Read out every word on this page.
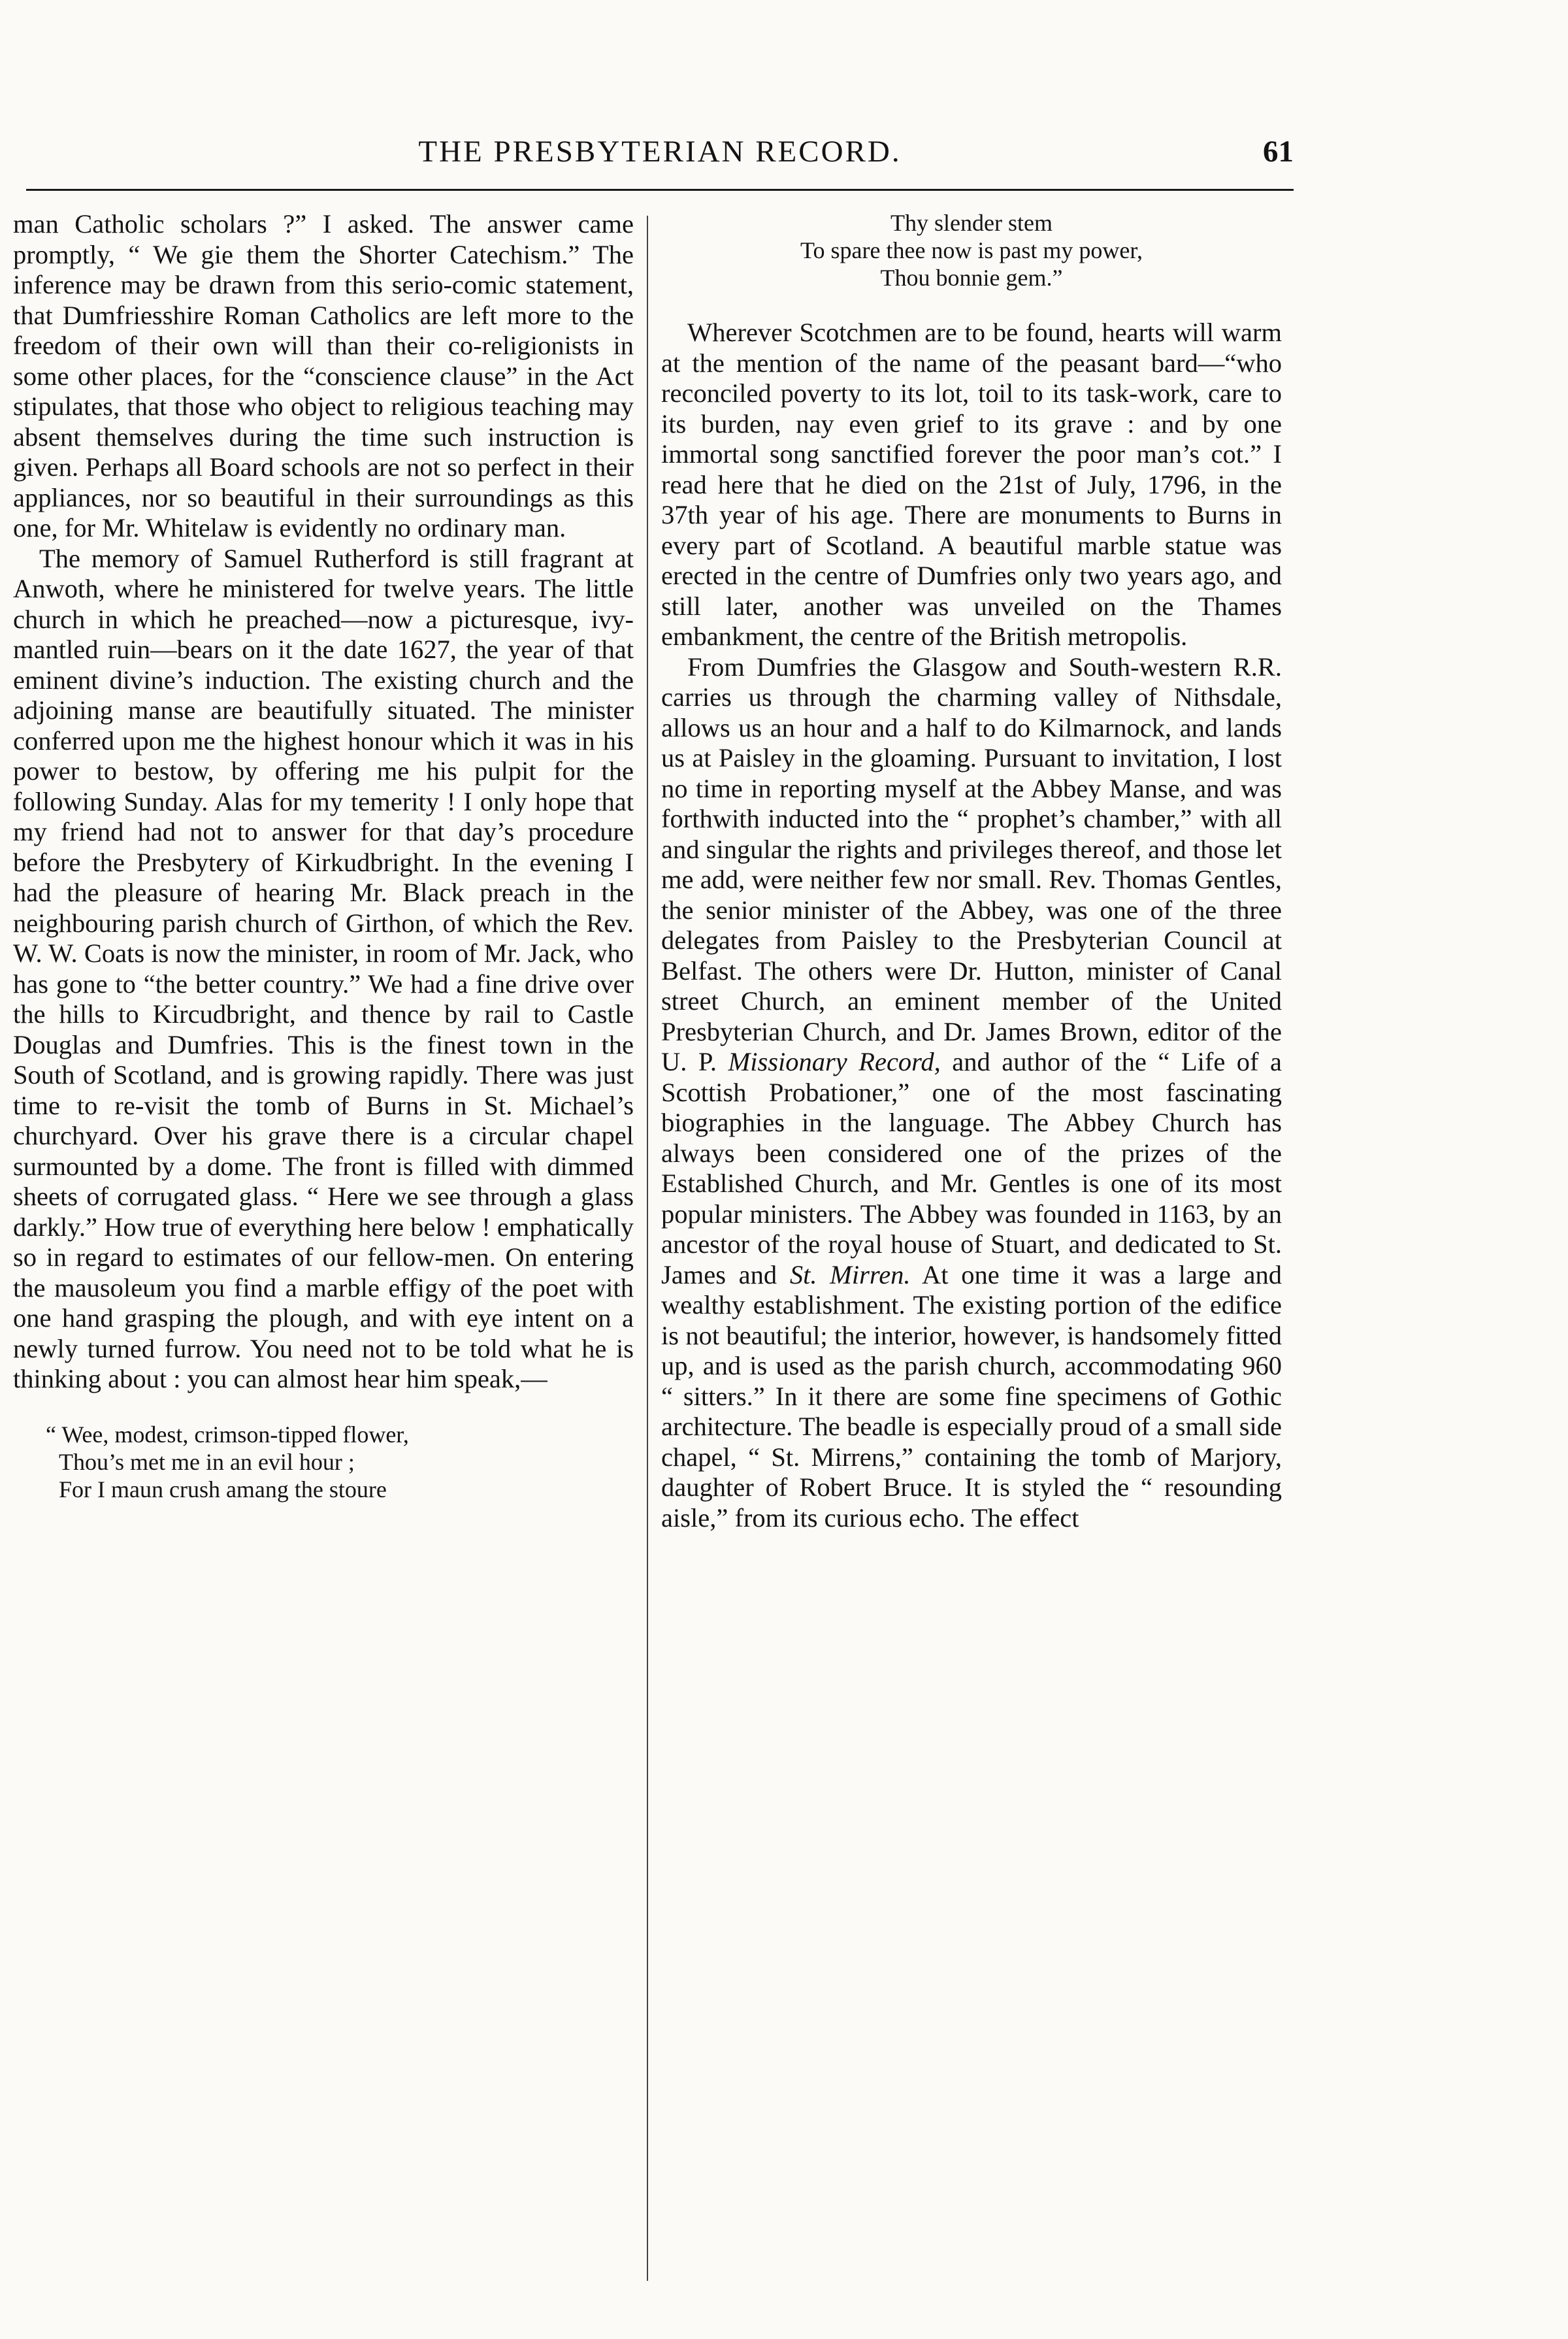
THE PRESBYTERIAN RECORD.	61

man Catholic scholars ?” I asked. The answer came promptly, “ We gie them the Shorter Catechism.” The inference may be drawn from this serio-comic statement, that Dumfriesshire Roman Catholics are left more to the freedom of their own will than their co-religionists in some other places, for the “conscience clause” in the Act stipulates, that those who object to religious teaching may absent themselves during the time such instruction is given. Perhaps all Board schools are not so perfect in their appliances, nor so beautiful in their surroundings as this one, for Mr. Whitelaw is evidently no ordinary man.

The memory of Samuel Rutherford is still fragrant at Anwoth, where he ministered for twelve years. The little church in which he preached—now a picturesque, ivy-mantled ruin—bears on it the date 1627, the year of that eminent divine’s induction. The existing church and the adjoining manse are beautifully situated. The minister conferred upon me the highest honour which it was in his power to bestow, by offering me his pulpit for the following Sunday. Alas for my temerity ! I only hope that my friend had not to answer for that day’s procedure before the Presbytery of Kirkudbright. In the evening I had the pleasure of hearing Mr. Black preach in the neighbouring parish church of Girthon, of which the Rev. W. W. Coats is now the minister, in room of Mr. Jack, who has gone to “the better country.” We had a fine drive over the hills to Kircudbright, and thence by rail to Castle Douglas and Dumfries. This is the finest town in the South of Scotland, and is growing rapidly. There was just time to re-visit the tomb of Burns in St. Michael’s churchyard. Over his grave there is a circular chapel surmounted by a dome. The front is filled with dimmed sheets of corrugated glass. “ Here we see through a glass darkly.” How true of everything here below ! emphatically so in regard to estimates of our fellow-men. On entering the mausoleum you find a marble effigy of the poet with one hand grasping the plough, and with eye intent on a newly turned furrow. You need not to be told what he is thinking about : you can almost hear him speak,—

“ Wee, modest, crimson-tipped flower,
Thou’s met me in an evil hour ;
For I maun crush amang the stoure
Thy slender stem
To spare thee now is past my power,
Thou bonnie gem.”

Wherever Scotchmen are to be found, hearts will warm at the mention of the name of the peasant bard—“who reconciled poverty to its lot, toil to its task-work, care to its burden, nay even grief to its grave : and by one immortal song sanctified forever the poor man’s cot.” I read here that he died on the 21st of July, 1796, in the 37th year of his age. There are monuments to Burns in every part of Scotland. A beautiful marble statue was erected in the centre of Dumfries only two years ago, and still later, another was unveiled on the Thames embankment, the centre of the British metropolis.

From Dumfries the Glasgow and South-western R.R. carries us through the charming valley of Nithsdale, allows us an hour and a half to do Kilmarnock, and lands us at Paisley in the gloaming. Pursuant to invitation, I lost no time in reporting myself at the Abbey Manse, and was forthwith inducted into the “ prophet’s chamber,” with all and singular the rights and privileges thereof, and those let me add, were neither few nor small. Rev. Thomas Gentles, the senior minister of the Abbey, was one of the three delegates from Paisley to the Presbyterian Council at Belfast. The others were Dr. Hutton, minister of Canal street Church, an eminent member of the United Presbyterian Church, and Dr. James Brown, editor of the U. P. Missionary Record, and author of the “ Life of a Scottish Probationer,” one of the most fascinating biographies in the language. The Abbey Church has always been considered one of the prizes of the Established Church, and Mr. Gentles is one of its most popular ministers. The Abbey was founded in 1163, by an ancestor of the royal house of Stuart, and dedicated to St. James and St. Mirren. At one time it was a large and wealthy establishment. The existing portion of the edifice is not beautiful; the interior, however, is handsomely fitted up, and is used as the parish church, accommodating 960 “ sitters.” In it there are some fine specimens of Gothic architecture. The beadle is especially proud of a small side chapel, “ St. Mirrens,” containing the tomb of Marjory, daughter of Robert Bruce. It is styled the “ resounding aisle,” from its curious echo. The effect
